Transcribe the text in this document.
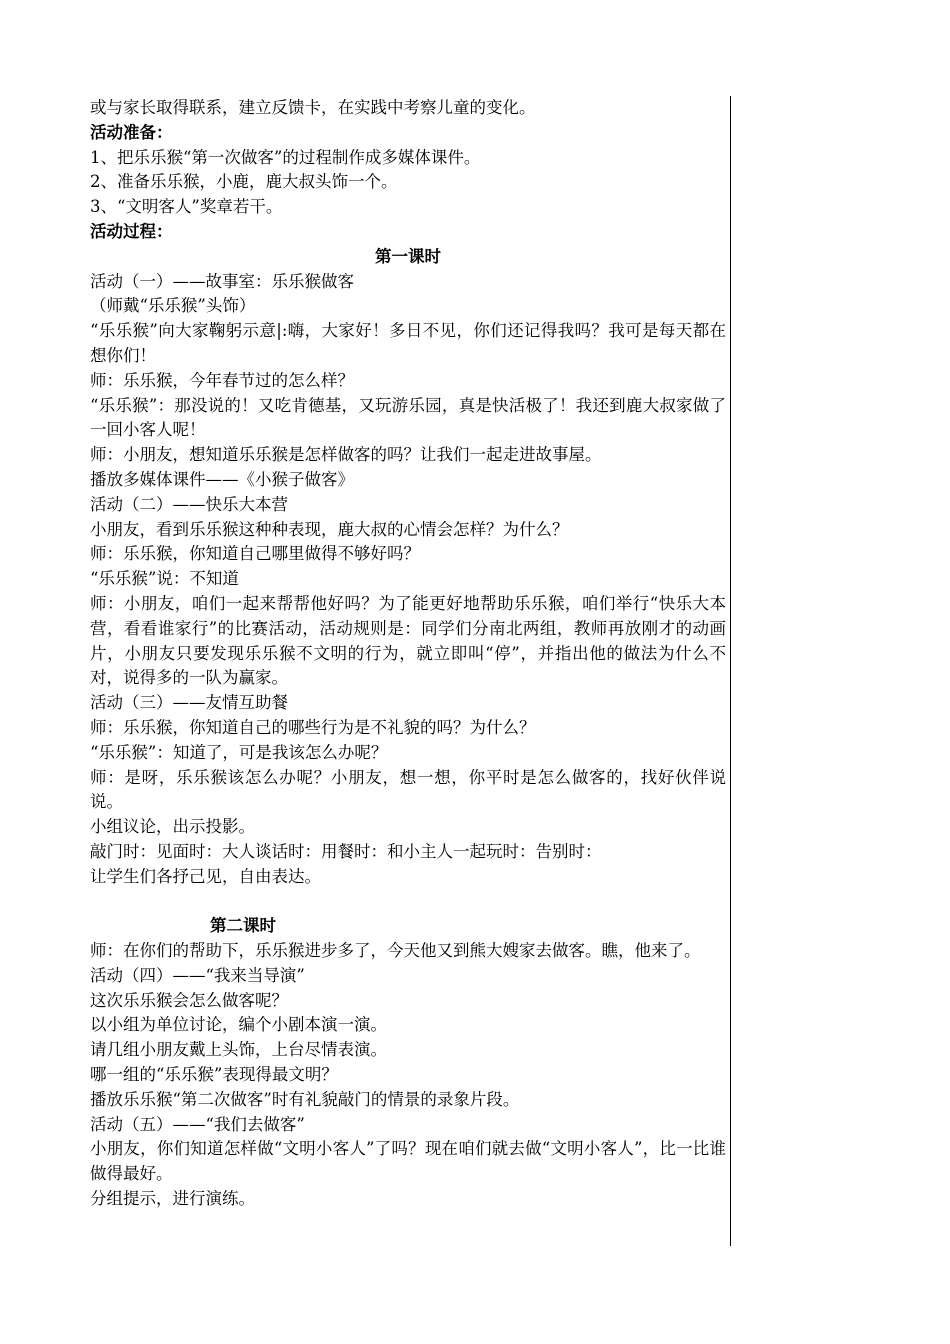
或与家长取得联系，建立反馈卡，在实践中考察儿童的变化。

活动准备：

1、把乐乐猴“第一次做客”的过程制作成多媒体课件。

2、准备乐乐猴，小鹿，鹿大叔头饰一个。

3、“文明客人”奖章若干。

活动过程：

第一课时

活动（一）——故事室：乐乐猴做客

（师戴“乐乐猴”头饰）

“乐乐猴”向大家鞠躬示意|:嗨，大家好！多日不见，你们还记得我吗？我可是每天都在想你们！

师：乐乐猴，今年春节过的怎么样？

“乐乐猴”：那没说的！又吃肯德基，又玩游乐园，真是快活极了！我还到鹿大叔家做了一回小客人呢！

师：小朋友，想知道乐乐猴是怎样做客的吗？让我们一起走进故事屋。

播放多媒体课件——《小猴子做客》

活动（二）——快乐大本营

小朋友，看到乐乐猴这种种表现，鹿大叔的心情会怎样？为什么？

师：乐乐猴，你知道自己哪里做得不够好吗？

“乐乐猴”说：不知道

师：小朋友，咱们一起来帮帮他好吗？为了能更好地帮助乐乐猴，咱们举行“快乐大本营，看看谁家行”的比赛活动，活动规则是：同学们分南北两组，教师再放刚才的动画片，小朋友只要发现乐乐猴不文明的行为，就立即叫“停”，并指出他的做法为什么不对，说得多的一队为赢家。

活动（三）——友情互助餐

师：乐乐猴，你知道自己的哪些行为是不礼貌的吗？为什么？

“乐乐猴”：知道了，可是我该怎么办呢？

师：是呀，乐乐猴该怎么办呢？小朋友，想一想，你平时是怎么做客的，找好伙伴说说。

小组议论，出示投影。

敲门时：见面时：大人谈话时：用餐时：和小主人一起玩时：告别时：

让学生们各抒己见，自由表达。

第二课时

师：在你们的帮助下，乐乐猴进步多了，今天他又到熊大嫂家去做客。瞧，他来了。

活动（四）——“我来当导演”

这次乐乐猴会怎么做客呢？

以小组为单位讨论，编个小剧本演一演。

请几组小朋友戴上头饰，上台尽情表演。

哪一组的“乐乐猴”表现得最文明？

播放乐乐猴“第二次做客”时有礼貌敲门的情景的录象片段。

活动（五）——“我们去做客”

小朋友，你们知道怎样做“文明小客人”了吗？现在咱们就去做“文明小客人”，比一比谁做得最好。

分组提示，进行演练。
